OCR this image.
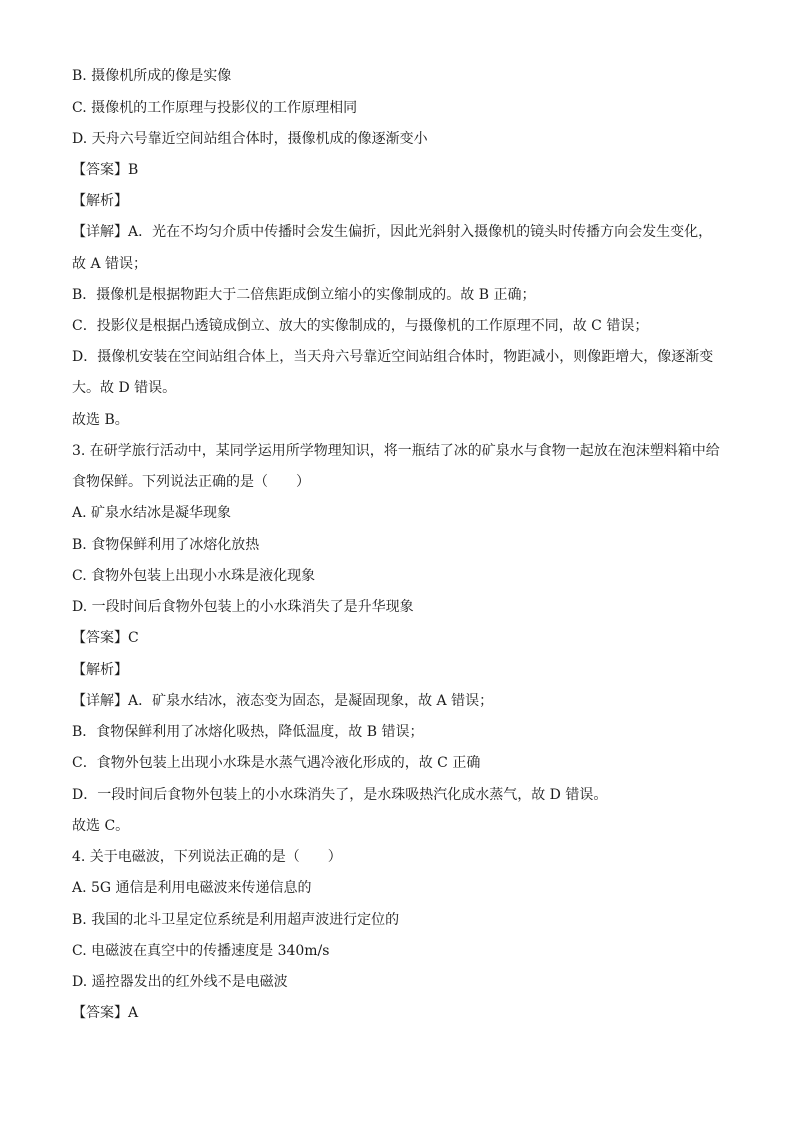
B. 摄像机所成的像是实像
C. 摄像机的工作原理与投影仪的工作原理相同
D. 天舟六号靠近空间站组合体时，摄像机成的像逐渐变小
【答案】B
【解析】
【详解】A．光在不均匀介质中传播时会发生偏折，因此光斜射入摄像机的镜头时传播方向会发生变化，
故 A 错误；
B．摄像机是根据物距大于二倍焦距成倒立缩小的实像制成的。故 B 正确；
C．投影仪是根据凸透镜成倒立、放大的实像制成的，与摄像机的工作原理不同，故 C 错误；
D．摄像机安装在空间站组合体上，当天舟六号靠近空间站组合体时，物距减小，则像距增大，像逐渐变
大。故 D 错误。
故选 B。
3. 在研学旅行活动中，某同学运用所学物理知识，将一瓶结了冰的矿泉水与食物一起放在泡沫塑料箱中给
食物保鲜。下列说法正确的是（　　）
A. 矿泉水结冰是凝华现象
B. 食物保鲜利用了冰熔化放热
C. 食物外包装上出现小水珠是液化现象
D. 一段时间后食物外包装上的小水珠消失了是升华现象
【答案】C
【解析】
【详解】A．矿泉水结冰，液态变为固态，是凝固现象，故 A 错误；
B．食物保鲜利用了冰熔化吸热，降低温度，故 B 错误；
C．食物外包装上出现小水珠是水蒸气遇冷液化形成的，故 C 正确
D．一段时间后食物外包装上的小水珠消失了，是水珠吸热汽化成水蒸气，故 D 错误。
故选 C。
4. 关于电磁波，下列说法正确的是（　　）
A. 5G 通信是利用电磁波来传递信息的
B. 我国的北斗卫星定位系统是利用超声波进行定位的
C. 电磁波在真空中的传播速度是 340m/s
D. 遥控器发出的红外线不是电磁波
【答案】A
